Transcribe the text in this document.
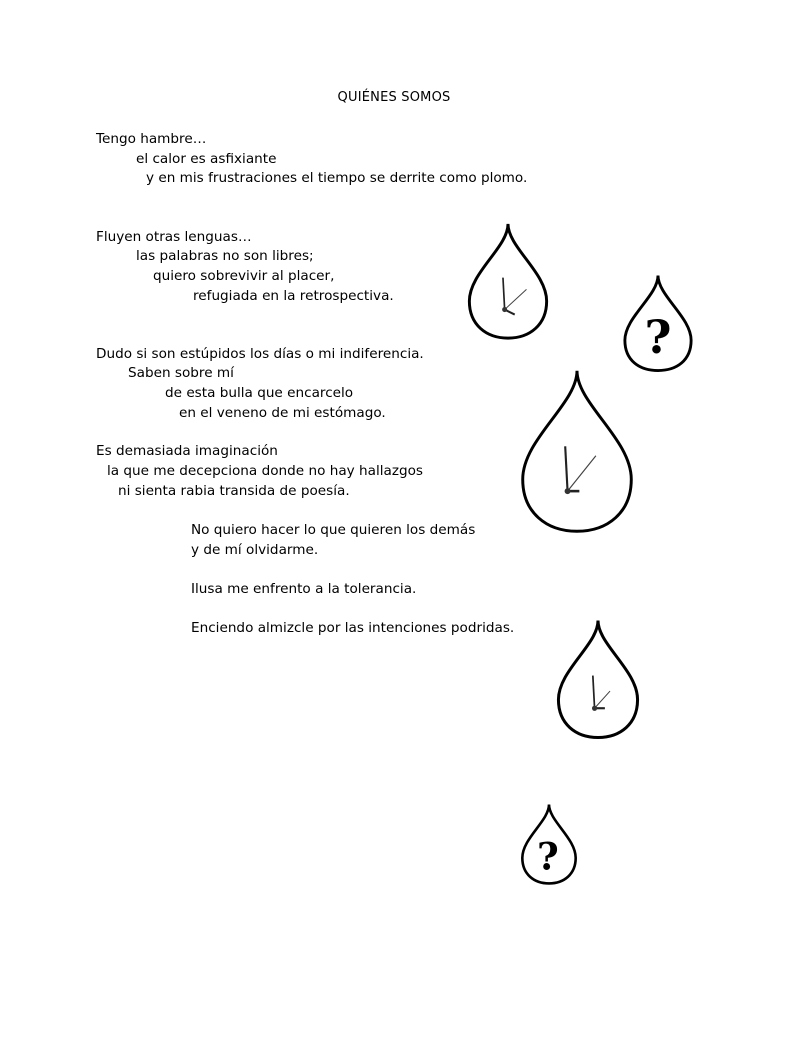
QUIÉNES SOMOS
Tengo hambre…
el calor es asfixiante
y en mis frustraciones el tiempo se derrite como plomo.
Fluyen otras lenguas…
las palabras no son libres;
quiero sobrevivir al placer,
refugiada en la retrospectiva.
Dudo si son estúpidos los días o mi indiferencia.
Saben sobre mí
de esta bulla que encarcelo
en el veneno de mi estómago.
Es demasiada imaginación
la que me decepciona donde no hay hallazgos
ni sienta rabia transida de poesía.
No quiero hacer lo que quieren los demás
y de mí olvidarme.
Ilusa me enfrento a la tolerancia.
Enciendo almizcle por las intenciones podridas.
?
?
